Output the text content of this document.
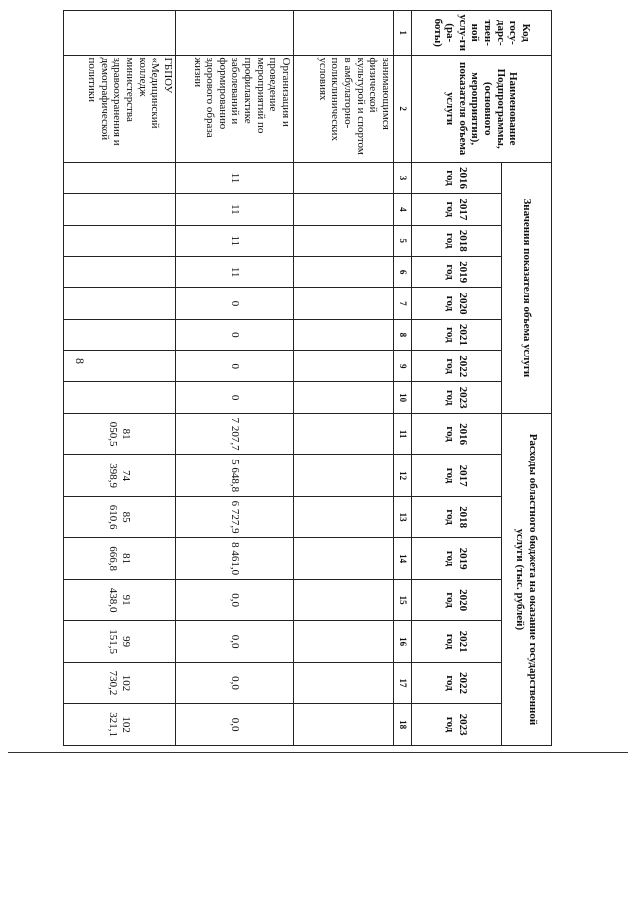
8
Код госу-дарс-твен-ной услу-ги (ра-боты)	Наименование Подпрограммы, (основного мероприятия), показателя объема услуги	Значения показателя объема услуги								Расходы областного бюджета на оказание государственной услуги (тыс. рублей)							
		2016 год	2017 год	2018 год	2019 год	2020 год	2021 год	2022 год	2023 год	2016 год	2017 год	2018 год	2019 год	2020 год	2021 год	2022 год	2023 год
1	2	3	4	5	6	7	8	9	10	11	12	13	14	15	16	17	18
	занимающимся физической культурой и спортом в амбулаторно-поликлинических условиях																
	Организация и проведение мероприятий по профилактике заболеваний и формированию здорового образа жизни	11	11	11	11	0	0	0	0	7 207,7	5 648,8	6 727,9	8 461,0	0,0	0,0	0,0	0,0
	ГБПОУ «Медицинский колледж министерства здравоохранения и демографической политики									81 050,5	74 398,9	85 610,6	81 666,8	91 438,0	99 151,5	102 730,2	102 321,1
